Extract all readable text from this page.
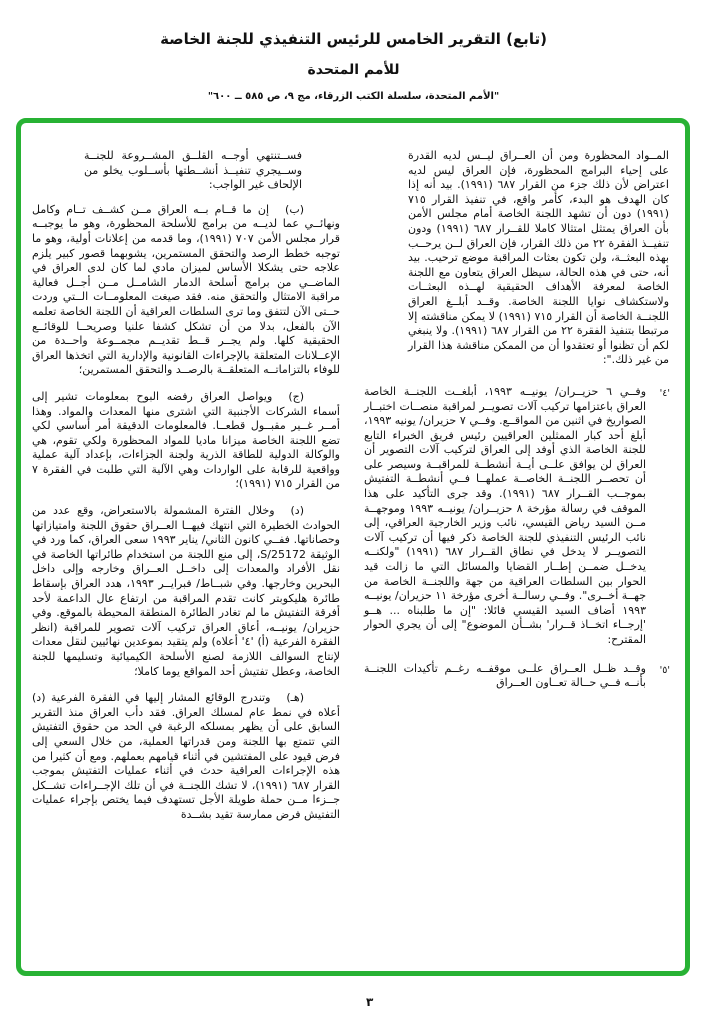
(تابع) التقرير الخامس للرئيس التنفيذي للجنة الخاصة
للأمم المتحدة
"الأمم المتحدة، سلسلة الكتب الزرقاء، مج ٩، ص ٥٨٥ ــ ٦٠٠"

المــواد المحظورة ومن أن العــراق ليــس لديه القدرة على إحياء البرامج المحظورة، فإن العراق ليس لديه اعتراض لأن ذلك جزء من القرار ٦٨٧ (١٩٩١). بيد أنه إذا كان الهدف هو البدء، كأمر واقع، في تنفيذ القرار ٧١٥ (١٩٩١) دون أن تشهد اللجنة الخاصة أمام مجلس الأمن بأن العراق يمتثل امتثالا كاملا للقــرار ٦٨٧ (١٩٩١) ودون تنفيــذ الفقرة ٢٢ من ذلك القرار، فإن العراق لــن يرحــب بهذه البعثــة، ولن تكون بعثات المراقبة موضع ترحيب. بيد أنه، حتى في هذه الحالة، سيظل العراق يتعاون مع اللجنة الخاصة لمعرفة الأهداف الحقيقية لهــذه البعثــات ولاستكشاف نوايا اللجنة الخاصة. وقــد أبلــغ العراق اللجنــة الخاصة أن القرار ٧١٥ (١٩٩١) لا يمكن مناقشته إلا مرتبطا بتنفيذ الفقرة ٢٢ من القرار ٦٨٧ (١٩٩١). ولا ينبغي لكم أن تظنوا أو تعتقدوا أن من الممكن مناقشة هذا القرار من غير ذلك.":

'٤'

وفــي ٦ حزيــران/ يونيــه ١٩٩٣، أبلغــت اللجنــة الخاصة العراق باعتزامها تركيب آلات تصويــر لمراقبة منصــات اختبــار الصواريخ في اثنين من المواقــع. وفــي ٧ حزيران/ يونيه ١٩٩٣، أبلغ أحد كبار الممثلين العراقيين رئيس فريق الخبراء التابع للجنة الخاصة الذي أوفد إلى العراق لتركيب آلات التصوير أن العراق لن يوافق علــى أيــة أنشطــة للمراقبــة وسيصر على أن تحصــر اللجنــة الخاصــة عملهــا فــي أنشطــة التفتيش بموجــب القــرار ٦٨٧ (١٩٩١). وقد جرى التأكيد على هذا الموقف في رسالة مؤرخة ٨ حزيــران/ يونيــه ١٩٩٣ وموجهــة مــن السيد رياض القيسي، نائب وزير الخارجية العراقي، إلى نائب الرئيس التنفيذي للجنة الخاصة ذكر فيها أن تركيب آلات التصويــر لا يدخل في نطاق القــرار ٦٨٧ (١٩٩١) "ولكنــه يدخــل ضمــن إطــار القضايا والمسائل التي ما زالت قيد الحوار بين السلطات العراقية من جهة واللجنــة الخاصة من جهــة أخــرى". وفــي رسالــة أخرى مؤرخة ١١ حزيران/ يونيــه ١٩٩٣ أضاف السيد القيسي قائلا: "إن ما طلبناه ... هــو 'إرجــاء اتخــاذ قــرار' بشــأن الموضوع" إلى أن يجري الحوار المقترح:

'٥'

وقــد ظــل العــراق علــى موقفــه رغــم تأكيدات اللجنــة بأنــه فــي حــالة تعــاون العــراق

فســتنتهي أوجــه القلــق المشــروعة للجنــة وســيجري تنفيــذ أنشــطتها بأســلوب يخلو من الإلحاف غير الواجب:

(ب)إن ما قــام بــه العراق مــن كشــف تــام وكامل ونهائــي عما لديــه من برامج للأسلحة المحظورة، وهو ما يوجبــه قرار مجلس الأمن ٧٠٧ (١٩٩١)، وما قدمه من إعلانات أولية، وهو ما توجبه خطط الرصد والتحقق المستمرين، يشوبهما قصور كبير يلزم علاجه حتى يشكلا الأساس لميزان مادي لما كان لدى العراق في الماضــي من برامج أسلحة الدمار الشامــل مــن أجــل فعالية مراقبة الامتثال والتحقق منه. فقد صيغت المعلومــات الــتي وردت حــتى الآن لتتفق وما ترى السلطات العراقية أن اللجنة الخاصة تعلمه الآن بالفعل، بدلا من أن تشكل كشفا علنيا وصريحــا للوقائــع الحقيقية كلها. ولم يجــر قــط تقديــم مجمــوعة واحــدة من الإعــلانات المتعلقة بالإجراءات القانونية والإدارية التي اتخذها العراق للوفاء بالتزاماتــه المتعلقــة بالرصــد والتحقق المستمرين؛

(ج)ويواصل العراق رفضه البوح بمعلومات تشير إلى أسماء الشركات الأجنبية التي اشترى منها المعدات والمواد. وهذا أمــر غــير مقبــول قطعــا. فالمعلومات الدقيقة أمر أساسي لكي تضع اللجنة الخاصة ميزانا ماديا للمواد المحظورة ولكي تقوم، هي والوكالة الدولية للطاقة الذرية ولجنة الجزاءات، بإعداد آلية عملية وواقعية للرقابة على الواردات وهي الآلية التي طلبت في الفقرة ٧ من القرار ٧١٥ (١٩٩١)؛

(د)وخلال الفترة المشمولة بالاستعراض، وقع عدد من الحوادث الخطيرة التي انتهك فيهــا العــراق حقوق اللجنة وامتيازاتها وحصاناتها. ففــي كانون الثاني/ يناير ١٩٩٣ سعى العراق، كما ورد في الوثيقة S/25172، إلى منع اللجنة من استخدام طائراتها الخاصة في نقل الأفراد والمعدات إلى داخــل العــراق وخارجه وإلى داخل البحرين وخارجها. وفي شبــاط/ فبرايــر ١٩٩٣، هدد العراق بإسقاط طائرة هليكوبتر كانت تقدم المراقبة من ارتفاع عال الداعمة لأحد أفرقة التفتيش ما لم تغادر الطائرة المنطقة المحيطة بالموقع. وفي حزيران/ يونيــه، أعاق العراق تركيب آلات تصوير للمراقبة (انظر الفقرة الفرعية (أ) '٤' أعلاه) ولم يتقيد بموعدين نهائيين لنقل معدات لإنتاج السوالف اللازمة لصنع الأسلحة الكيميائية وتسليمها للجنة الخاصة، وعطل تفتيش أحد المواقع يوما كاملا؛

(هـ)وتندرج الوقائع المشار إليها في الفقرة الفرعية (د) أعلاه في نمط عام لمسلك العراق. فقد دأب العراق منذ التقرير السابق على أن يظهر بمسلكه الرغبة في الحد من حقوق التفتيش التي تتمتع بها اللجنة ومن قدراتها العملية، من خلال السعي إلى فرض قيود على المفتشين في أثناء قيامهم بعملهم. ومع أن كثيرا من هذه الإجراءات العراقية حدث في أثناء عمليات التفتيش بموجب القرار ٦٨٧ (١٩٩١)، لا تشك اللجنــة في أن تلك الإجــراءات تشــكل جــزءا مــن حملة طويلة الأجل تستهدف فيما يختص بإجراء عمليات التفتيش فرض ممارسة تقيد بشــدة

٣
